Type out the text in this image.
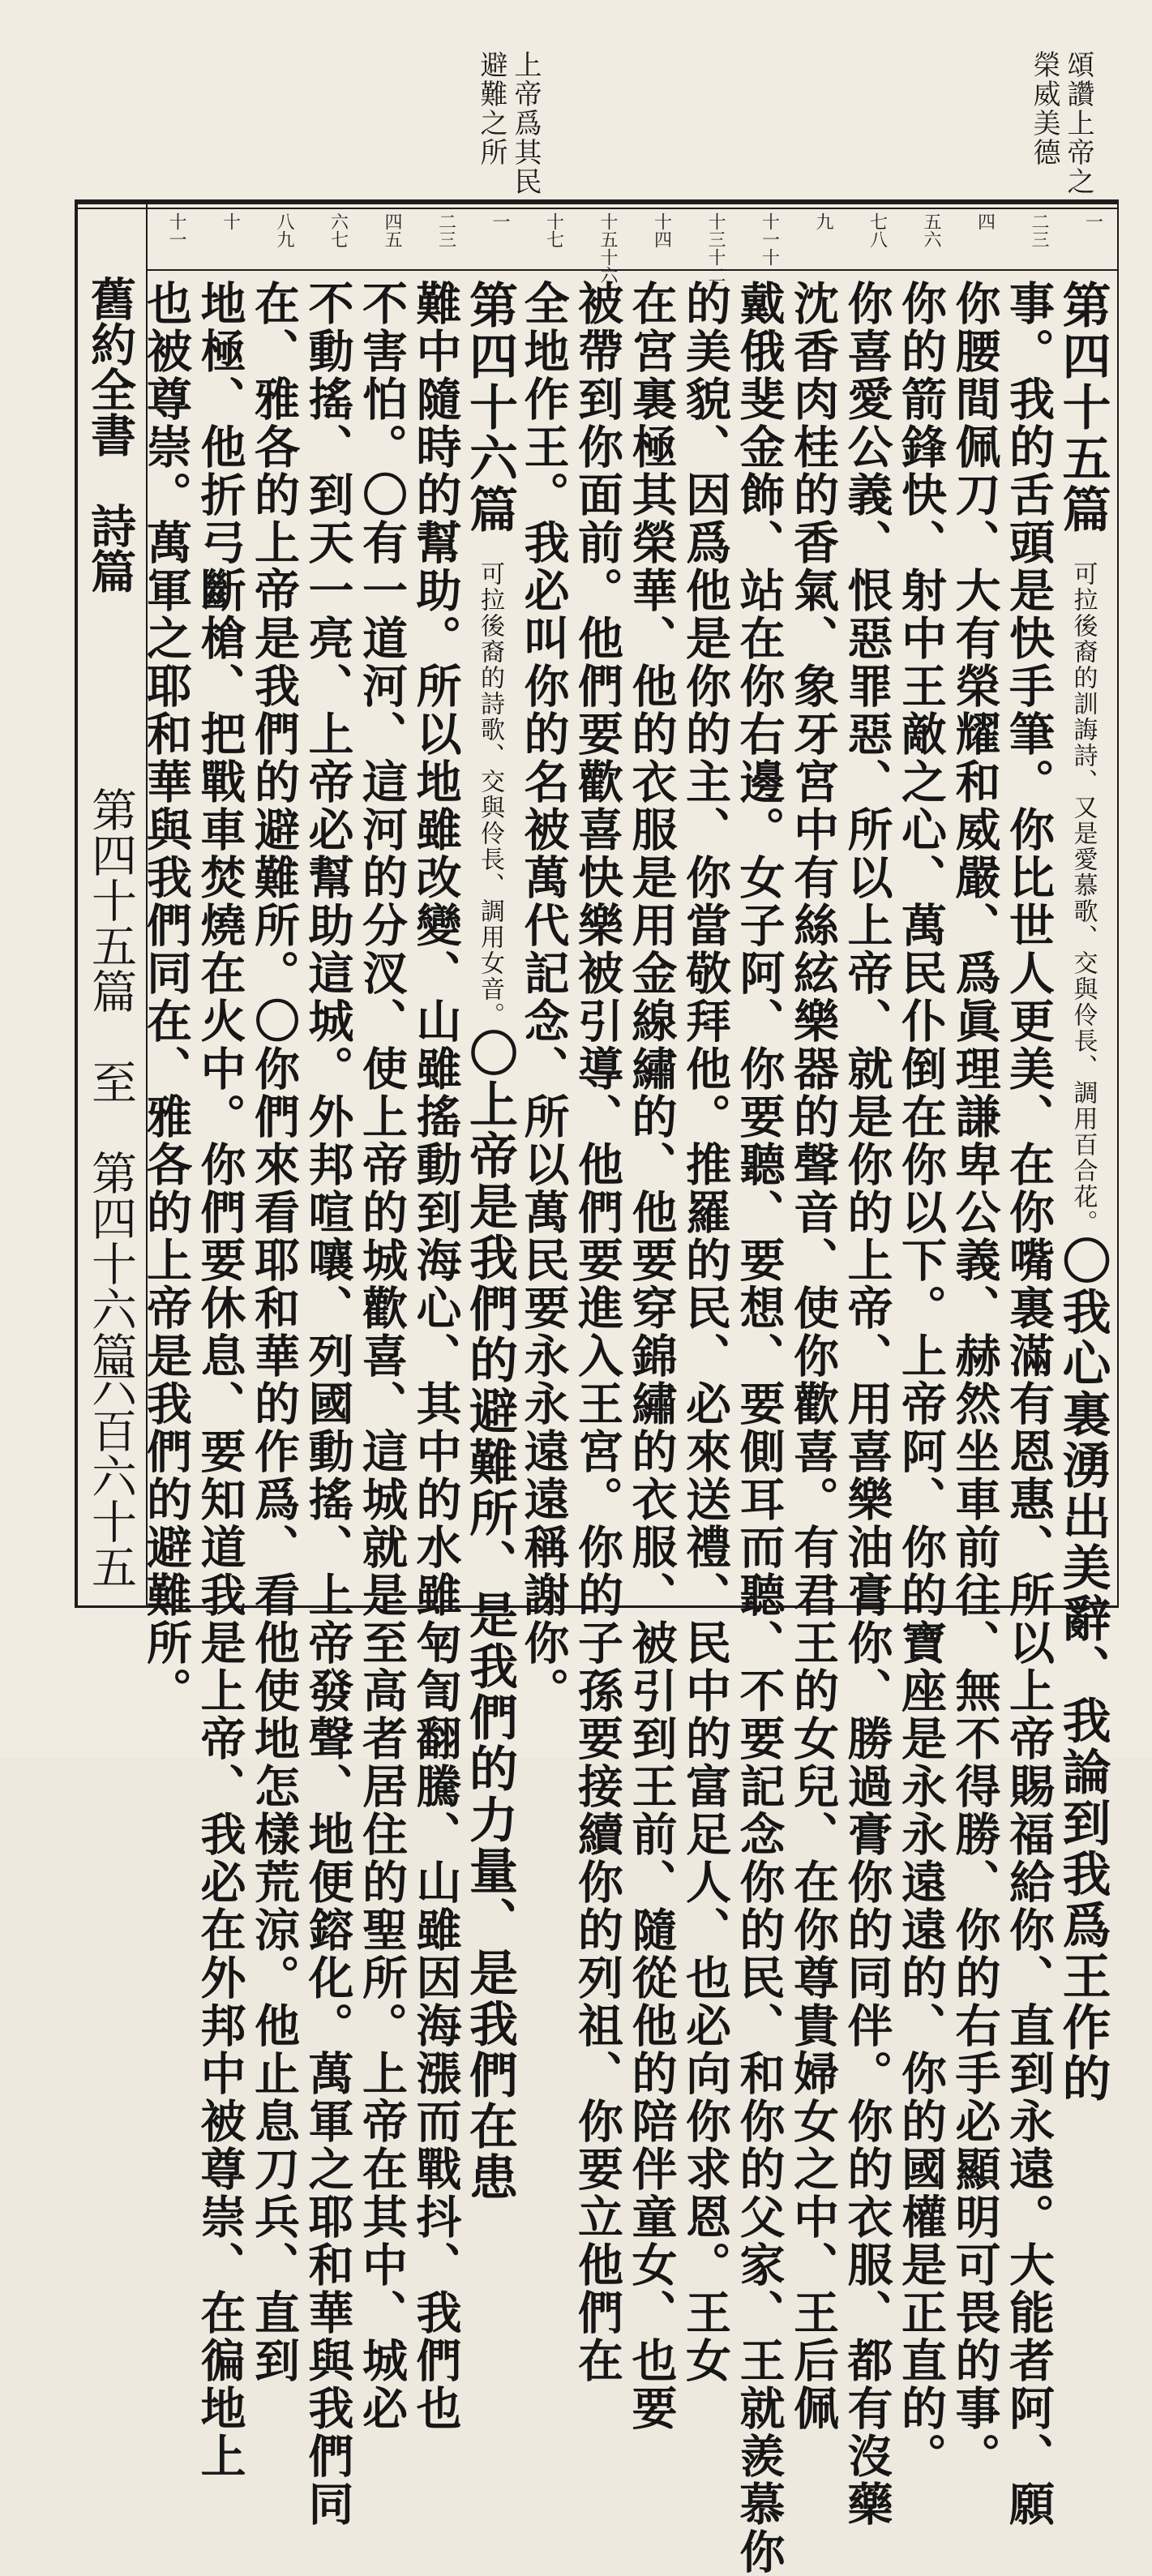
頌讚上帝之榮威美德
上帝爲其民避難之所
舊約全書
詩篇
第四十五篇　至　第四十六篇
六百六十五
一
二三
四
五六
七八
九
十一十
十三十二
十四
十五十六
十七
一
二三
四五
六七
八九
十
十一
第四十五篇　可拉後裔的訓誨詩、又是愛慕歌、交與伶長、調用百合花。〇我心裏湧出美辭、我論到我爲王作的
事。我的舌頭是快手筆。你比世人更美、在你嘴裏滿有恩惠、所以上帝賜福給你、直到永遠。大能者阿、願
你腰間佩刀、大有榮耀和威嚴、爲眞理謙卑公義、赫然坐車前往、無不得勝、你的右手必顯明可畏的事。
你的箭鋒快、射中王敵之心、萬民仆倒在你以下。上帝阿、你的寶座是永永遠遠的、你的國權是正直的。
你喜愛公義、恨惡罪惡、所以上帝、就是你的上帝、用喜樂油膏你、勝過膏你的同伴。你的衣服、都有沒藥
沈香肉桂的香氣、象牙宮中有絲絃樂器的聲音、使你歡喜。有君王的女兒、在你尊貴婦女之中、王后佩
戴俄斐金飾、站在你右邊。女子阿、你要聽、要想、要側耳而聽、不要記念你的民、和你的父家、王就羨慕你
的美貌、因爲他是你的主、你當敬拜他。推羅的民、必來送禮、民中的富足人、也必向你求恩。王女
在宮裏極其榮華、他的衣服是用金線繡的、他要穿錦繡的衣服、被引到王前、隨從他的陪伴童女、也要
被帶到你面前。他們要歡喜快樂被引導、他們要進入王宮。你的子孫要接續你的列祖、你要立他們在
全地作王。我必叫你的名被萬代記念、所以萬民要永永遠遠稱謝你。
第四十六篇　可拉後裔的詩歌、交與伶長、調用女音。〇上帝是我們的避難所、是我們的力量、是我們在患
難中隨時的幫助。所以地雖改變、山雖搖動到海心、其中的水雖匉訇翻騰、山雖因海漲而戰抖、我們也
不害怕。〇有一道河、這河的分汊、使上帝的城歡喜、這城就是至高者居住的聖所。上帝在其中、城必
不動搖、到天一亮、上帝必幫助這城。外邦喧嚷、列國動搖、上帝發聲、地便鎔化。萬軍之耶和華與我們同
在、雅各的上帝是我們的避難所。〇你們來看耶和華的作爲、看他使地怎樣荒涼。他止息刀兵、直到
地極、他折弓斷槍、把戰車焚燒在火中。你們要休息、要知道我是上帝、我必在外邦中被尊崇、在徧地上
也被尊崇。萬軍之耶和華與我們同在、雅各的上帝是我們的避難所。
